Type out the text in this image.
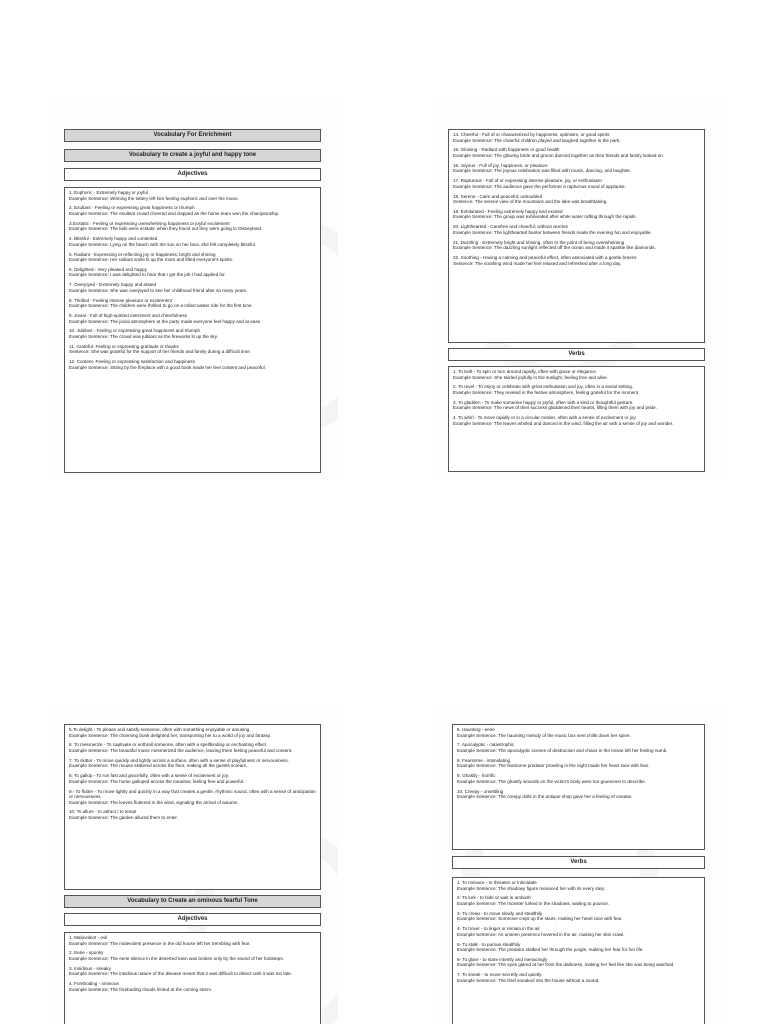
Vocabulary For Enrichment
Vocabulary to create a joyful and happy tone
Adjectives
1. Euphoric - Extremely happy or joyful
Example Sentence: Winning the lottery left him feeling euphoric and over the moon.
2. Exultant - Feeling or expressing great happiness or triumph
Example Sentence: The exultant crowd cheered and clapped as the home team won the championship.
3.Ecstatic - Feeling or expressing overwhelming happiness or joyful excitement
Example Sentence: The kids were ecstatic when they found out they were going to Disneyland.
4. Blissful - Extremely happy and contented
Example Sentence: Lying on the beach with the sun on her face, she felt completely blissful.
5. Radiant - Expressing or reflecting joy or happiness; bright and shining
Example Sentence: Her radiant smile lit up the room and lifted everyone's spirits.
6. Delighted - Very pleased and happy
Example Sentence: I was delighted to hear that I got the job I had applied for.
7. Overjoyed - Extremely happy and elated
Example Sentence: She was overjoyed to see her childhood friend after so many years.
8. Thrilled - Feeling intense pleasure or excitement
Example Sentence: The children were thrilled to go on a rollercoaster ride for the first time.
9. Jovial - Full of high-spirited merriment and cheerfulness
Example Sentence: The jovial atmosphere at the party made everyone feel happy and at ease.
10. Jubilant - Feeling or expressing great happiness and triumph
Example Sentence: The crowd was jubilant as the fireworks lit up the sky.
11. Grateful- Feeling or expressing gratitude or thanks
Sentence: She was grateful for the support of her friends and family during a difficult time.
12. Content- Feeling or expressing satisfaction and happiness
Example Sentence: Sitting by the fireplace with a good book made her feel content and peaceful.
14. Cheerful - Full of or characterized by happiness, optimism, or good spirits
Example Sentence: The cheerful children played and laughed together in the park.
15. Glowing - Radiant with happiness or good health
Example Sentence: The glowing bride and groom danced together as their friends and family looked on.
16. Joyous - Full of joy, happiness, or pleasure
Example Sentence: The joyous celebration was filled with music, dancing, and laughter.
17. Rapturous - Full of or expressing intense pleasure, joy, or enthusiasm
Example Sentence: The audience gave the performer a rapturous round of applause.
18. Serene - Calm and peaceful; untroubled
Sentence: The serene view of the mountains and the lake was breathtaking.
19. Exhilarated - Feeling extremely happy and excited
Example Sentence: The group was exhilarated after white water rafting through the rapids.
20. Lighthearted - Carefree and cheerful; without worries
Example Sentence: The lighthearted banter between friends made the evening fun and enjoyable.
21. Dazzling - Extremely bright and shining, often to the point of being overwhelming
Example Sentence: The dazzling sunlight reflected off the ocean and made it sparkle like diamonds.
22. Soothing - Having a calming and peaceful effect, often associated with a gentle breeze
Sentence: The soothing wind made her feel relaxed and refreshed after a long day.
Verbs
1. To twirl - To spin or turn around rapidly, often with grace or elegance.
Example Sentence: She twirled joyfully in the sunlight, feeling free and alive.
2. To revel - To enjoy or celebrate with great enthusiasm and joy, often in a social setting.
Example Sentence: They reveled in the festive atmosphere, feeling grateful for the moment.
3. To gladden - To make someone happy or joyful, often with a kind or thoughtful gesture.
Example Sentence: The news of their success gladdened their hearts, filling them with joy and pride.
4. To whirl - To move rapidly or in a circular motion, often with a sense of excitement or joy.
Example Sentence: The leaves whirled and danced in the wind, filling the air with a sense of joy and wonder.
5.To delight - To please and satisfy someone, often with something enjoyable or amusing.
Example Sentence: The charming book delighted her, transporting her to a world of joy and fantasy.
6. To mesmerize - To captivate or enthrall someone, often with a spellbinding or enchanting effect.
Example Sentence: The beautiful music mesmerized the audience, leaving them feeling peaceful and content.
7. To skitter - To move quickly and lightly across a surface, often with a sense of playfulness or nervousness.
Example Sentence: The mouse skittered across the floor, making all the guests scream.
8. To gallop - To run fast and gracefully, often with a sense of excitement or joy.
Example Sentence: The horse galloped across the meadow, feeling free and powerful.
9.- To flutter - To move lightly and quickly in a way that creates a gentle, rhythmic sound, often with a sense of anticipation or nervousness.
Example Sentence: The leaves fluttered in the wind, signaling the arrival of autumn.
10. To allure - to attract / to tempt
Example Sentence: The garden allured them to enter.
Vocabulary to Create an ominous fearful Tone
Adjectives
1. Malevolent - evil
Example Sentence: The malevolent presence in the old house left her trembling with fear.
2. Eerie - spooky
Example Sentence: The eerie silence in the deserted town was broken only by the sound of her footsteps.
3. Insidious - sneaky
Example Sentence: The insidious nature of the disease meant that it was difficult to detect until it was too late.
4. Foreboding - ominous
Example Sentence: The foreboding clouds hinted at the coming storm.
6. Haunting - eerie
Example Sentence: The haunting melody of the music box sent chills down her spine.
7. Apocalyptic - catastrophic
Example Sentence: The apocalyptic scenes of destruction and chaos in the movie left her feeling numb.
8. Fearsome - intimidating
Example Sentence: The fearsome predator prowling in the night made her heart race with fear.
9. Ghastly - horrific
Example Sentence: The ghastly wounds on the victim's body were too gruesome to describe.
10. Creepy - unsettling
Example Sentence: The creepy dolls in the antique shop gave her a feeling of unease.
Verbs
1. To menace - to threaten or intimidate
Example Sentence: The shadowy figure menaced her with its every step.
2- To lurk - to hide or wait in ambush
Example Sentence: The monster lurked in the shadows, waiting to pounce.
3- To creep - to move slowly and stealthily
Example Sentence: Someone crept up the stairs, making her heart race with fear.
4- To hover - to linger or remain in the air
Example Sentence: An unseen presence hovered in the air, making her skin crawl.
5- To stalk - to pursue stealthily
Example Sentence: The predator stalked her through the jungle, making her fear for her life.
6- To glare - to stare intently and menacingly
Example Sentence: The eyes glared at her from the darkness, making her feel like she was being watched.
7. To sneak - to move secretly and quietly
Example Sentence: The thief sneaked into the house without a sound.
